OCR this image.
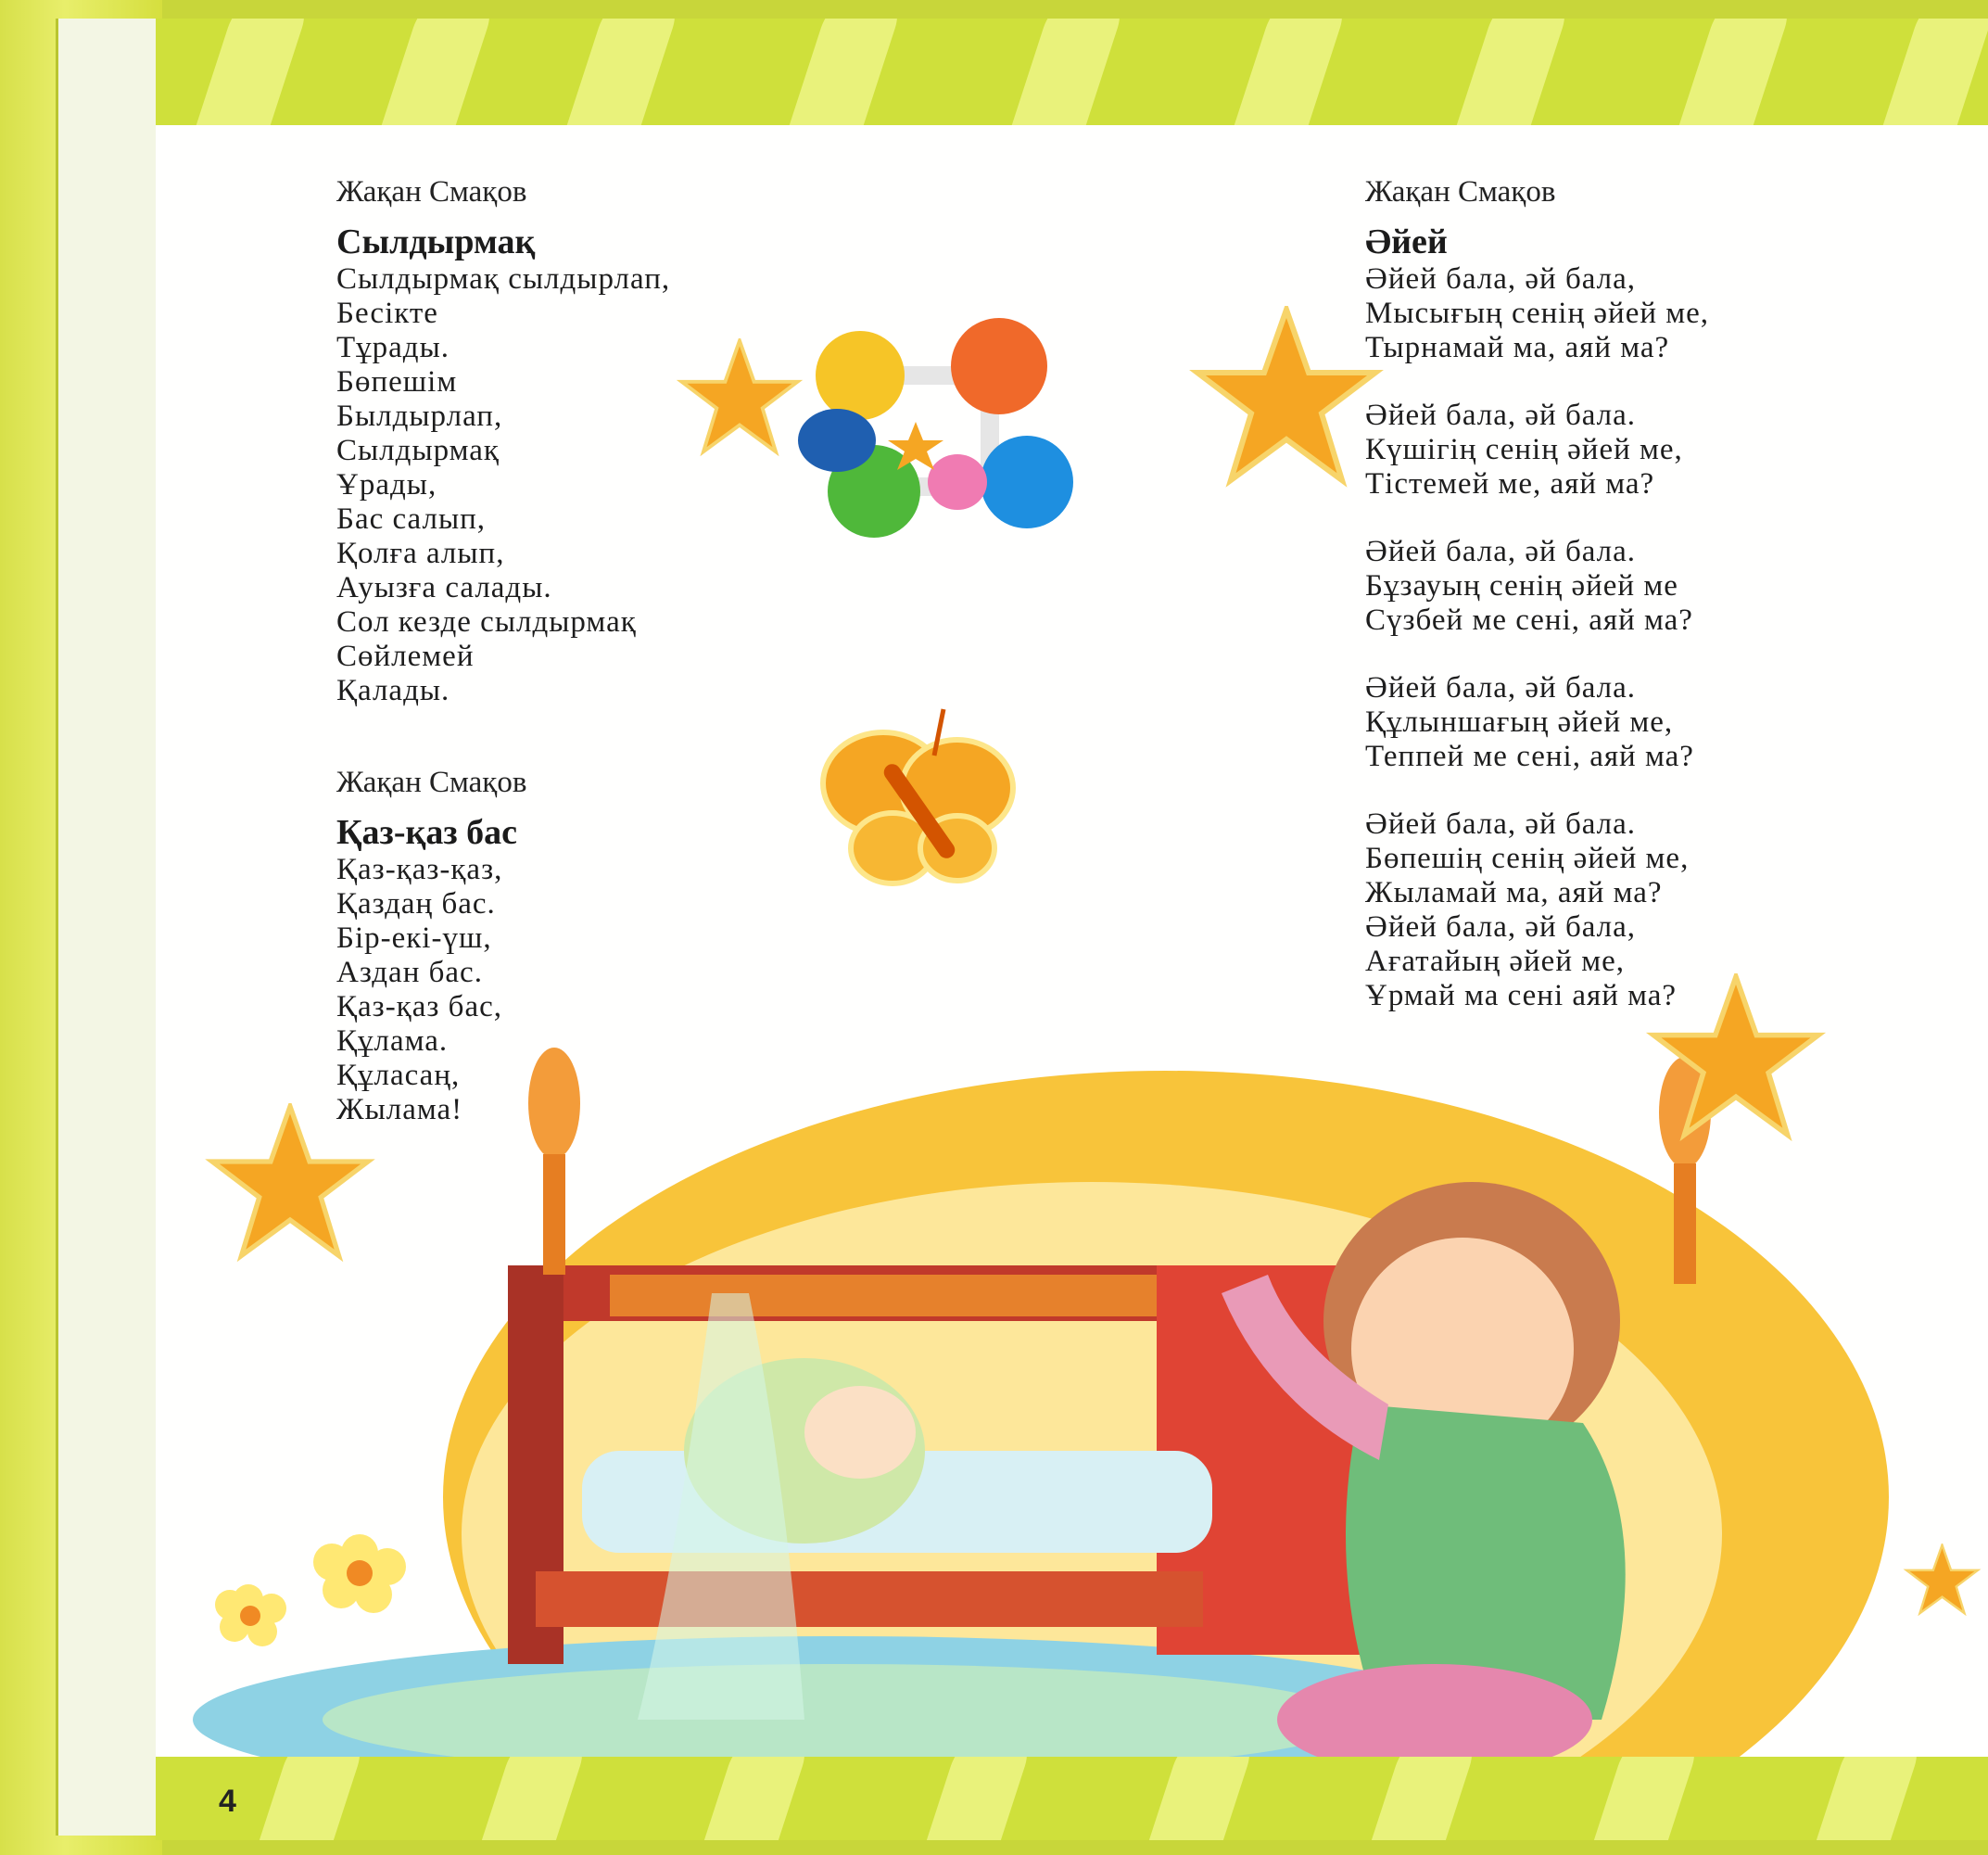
Жақан Смақов

Сылдырмақ

Сылдырмақ сылдырлап,

Бесікте

Тұрады.

Бөпешім

Былдырлап,

Сылдырмақ

Ұрады,

Бас салып,

Қолға алып,

Ауызға салады.

Сол кезде сылдырмақ

Сөйлемей

Қалады.

Жақан Смақов

Қаз-қаз бас

Қаз-қаз-қаз,

Қаздаң бас.

Бір-екі-үш,

Аздан бас.

Қаз-қаз бас,

Құлама.

Құласаң,

Жылама!

Жақан Смақов

Әйей

Әйей бала, әй бала,

Мысығың сенің әйей ме,

Тырнамай ма, аяй ма?

Әйей бала, әй бала.

Күшігің сенің әйей ме,

Тістемей ме, аяй ма?

Әйей бала, әй бала.

Бұзауың сенің әйей ме

Сүзбей ме сені, аяй ма?

Әйей бала, әй бала.

Құлыншағың әйей ме,

Теппей ме сені, аяй ма?

Әйей бала, әй бала.

Бөпешің сенің әйей ме,

Жыламай ма, аяй ма?

Әйей бала, әй бала,

Ағатайың әйей ме,

Ұрмай ма сені аяй ма?

4
